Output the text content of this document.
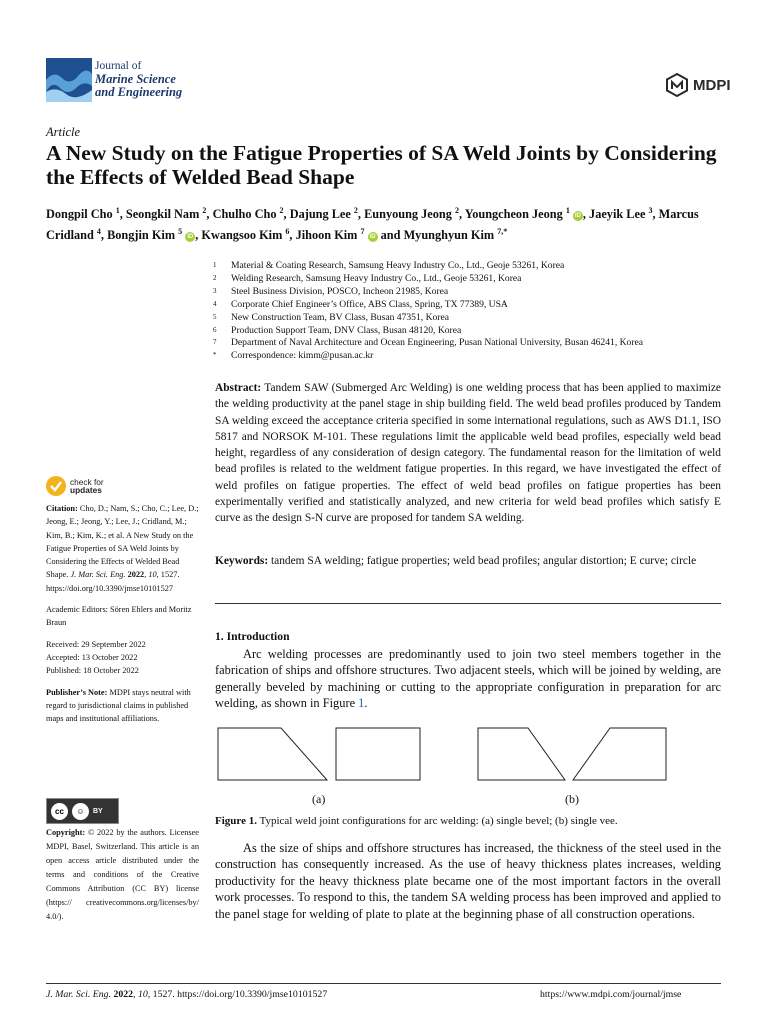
Journal of
Marine Science
and Engineering	MDPI
Article
A New Study on the Fatigue Properties of SA Weld Joints by Considering the Effects of Welded Bead Shape
Dongpil Cho $^1$, Seongkil Nam $^2$, Chulho Cho $^2$, Dajung Lee $^2$, Eunyoung Jeong $^2$, Youngcheon Jeong $^1$ iD , Jaeyik Lee $^3$, Marcus Cridland $^4$, Bongjin Kim $^5$ iD , Kwangsoo Kim $^6$, Jihoon Kim $^7$ iD and Myunghyun Kim $^{7,*}$
1	Material & Coating Research, Samsung Heavy Industry Co., Ltd., Geoje 53261, Korea
2	Welding Research, Samsung Heavy Industry Co., Ltd., Geoje 53261, Korea
3	Steel Business Division, POSCO, Incheon 21985, Korea
4	Corporate Chief Engineer’s Office, ABS Class, Spring, TX 77389, USA
5	New Construction Team, BV Class, Busan 47351, Korea
6	Production Support Team, DNV Class, Busan 48120, Korea
7	Department of Naval Architecture and Ocean Engineering, Pusan National University, Busan 46241, Korea
*	Correspondence: kimm@pusan.ac.kr
Abstract: Tandem SAW (Submerged Arc Welding) is one welding process that has been applied to maximize the welding productivity at the panel stage in ship building field. The weld bead profiles produced by Tandem SA welding exceed the acceptance criteria specified in some international regulations, such as AWS D1.1, ISO 5817 and NORSOK M-101. These regulations limit the applicable weld bead profiles, especially weld bead height, regardless of any consideration of design category. The fundamental reason for the limitation of weld bead profiles is related to the weldment fatigue properties. In this regard, we have investigated the effect of weld profiles on fatigue properties. The effect of weld bead profiles on fatigue properties has been experimentally verified and statistically analyzed, and new criteria for weld bead profiles which satisfy E curve as the design S-N curve are proposed for tandem SA welding.
Keywords: tandem SA welding; fatigue properties; weld bead profiles; angular distortion; E curve; circle
check for
updates

Citation: Cho, D.; Nam, S.; Cho, C.; Lee, D.; Jeong, E.; Jeong, Y.; Lee, J.; Cridland, M.; Kim, B.; Kim, K.; et al. A New Study on the Fatigue Properties of SA Weld Joints by Considering the Effects of Welded Bead Shape. J. Mar. Sci. Eng. 2022, 10, 1527. https://doi.org/10.3390/jmse10101527

Academic Editors: Sören Ehlers and Moritz Braun

Received: 29 September 2022

Accepted: 13 October 2022

Published: 18 October 2022

Publisher’s Note: MDPI stays neutral with regard to jurisdictional claims in published maps and institutional affiliations.

cc	☺	BY
Copyright: © 2022 by the authors. Licensee MDPI, Basel, Switzerland. This article is an open access article distributed under the terms and conditions of the Creative Commons Attribution (CC BY) license (https:// creativecommons.org/licenses/by/ 4.0/).
1. Introduction
Arc welding processes are predominantly used to join two steel members together in the fabrication of ships and offshore structures. Two adjacent steels, which will be joined by welding, are generally beveled by machining or cutting to the appropriate configuration in preparation for arc welding, as shown in Figure 1.
(a)	(b)
Figure 1. Typical weld joint configurations for arc welding: (a) single bevel; (b) single vee.
As the size of ships and offshore structures has increased, the thickness of the steel used in the construction has consequently increased. As the use of heavy thickness plates increases, welding productivity for the heavy thickness plate became one of the most important factors in the overall work processes. To respond to this, the tandem SA welding process has been improved and applied to the panel stage for welding of plate to plate at the beginning phase of all construction operations.
J. Mar. Sci. Eng. 2022, 10, 1527. https://doi.org/10.3390/jmse10101527	https://www.mdpi.com/journal/jmse
